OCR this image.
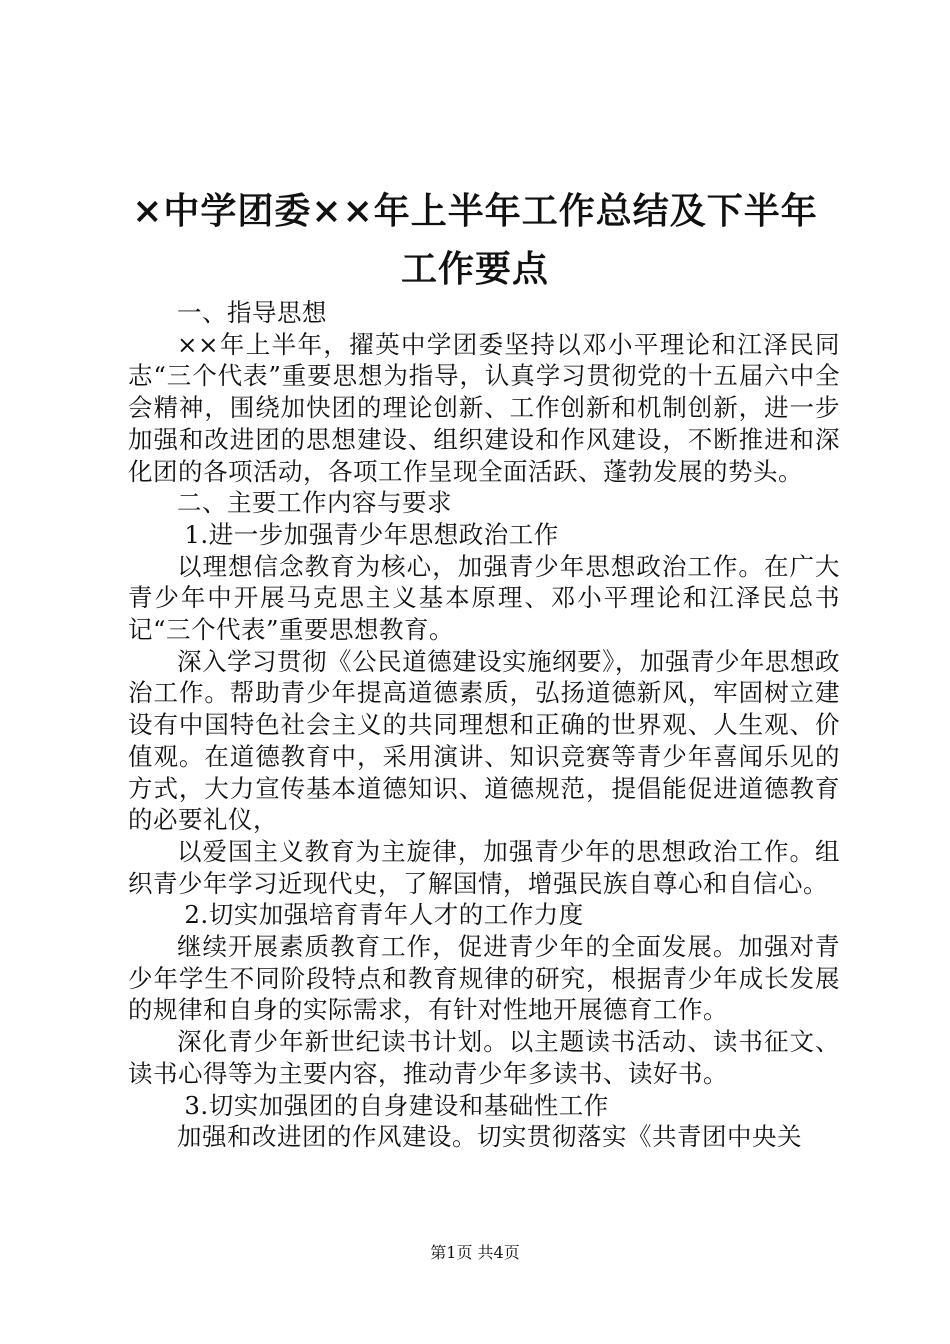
×中学团委××年上半年工作总结及下半年工作要点

一、指导思想

××年上半年，擢英中学团委坚持以邓小平理论和江泽民同志“三个代表”重要思想为指导，认真学习贯彻党的十五届六中全会精神，围绕加快团的理论创新、工作创新和机制创新，进一步加强和改进团的思想建设、组织建设和作风建设，不断推进和深化团的各项活动，各项工作呈现全面活跃、蓬勃发展的势头。

二、主要工作内容与要求

1.进一步加强青少年思想政治工作

以理想信念教育为核心，加强青少年思想政治工作。在广大青少年中开展马克思主义基本原理、邓小平理论和江泽民总书记“三个代表”重要思想教育。

深入学习贯彻《公民道德建设实施纲要》，加强青少年思想政治工作。帮助青少年提高道德素质，弘扬道德新风，牢固树立建设有中国特色社会主义的共同理想和正确的世界观、人生观、价值观。在道德教育中，采用演讲、知识竞赛等青少年喜闻乐见的方式，大力宣传基本道德知识、道德规范，提倡能促进道德教育的必要礼仪，

以爱国主义教育为主旋律，加强青少年的思想政治工作。组织青少年学习近现代史，了解国情，增强民族自尊心和自信心。

2.切实加强培育青年人才的工作力度

继续开展素质教育工作，促进青少年的全面发展。加强对青少年学生不同阶段特点和教育规律的研究，根据青少年成长发展的规律和自身的实际需求，有针对性地开展德育工作。

深化青少年新世纪读书计划。以主题读书活动、读书征文、读书心得等为主要内容，推动青少年多读书、读好书。

3.切实加强团的自身建设和基础性工作

加强和改进团的作风建设。切实贯彻落实《共青团中央关

第1页 共4页
